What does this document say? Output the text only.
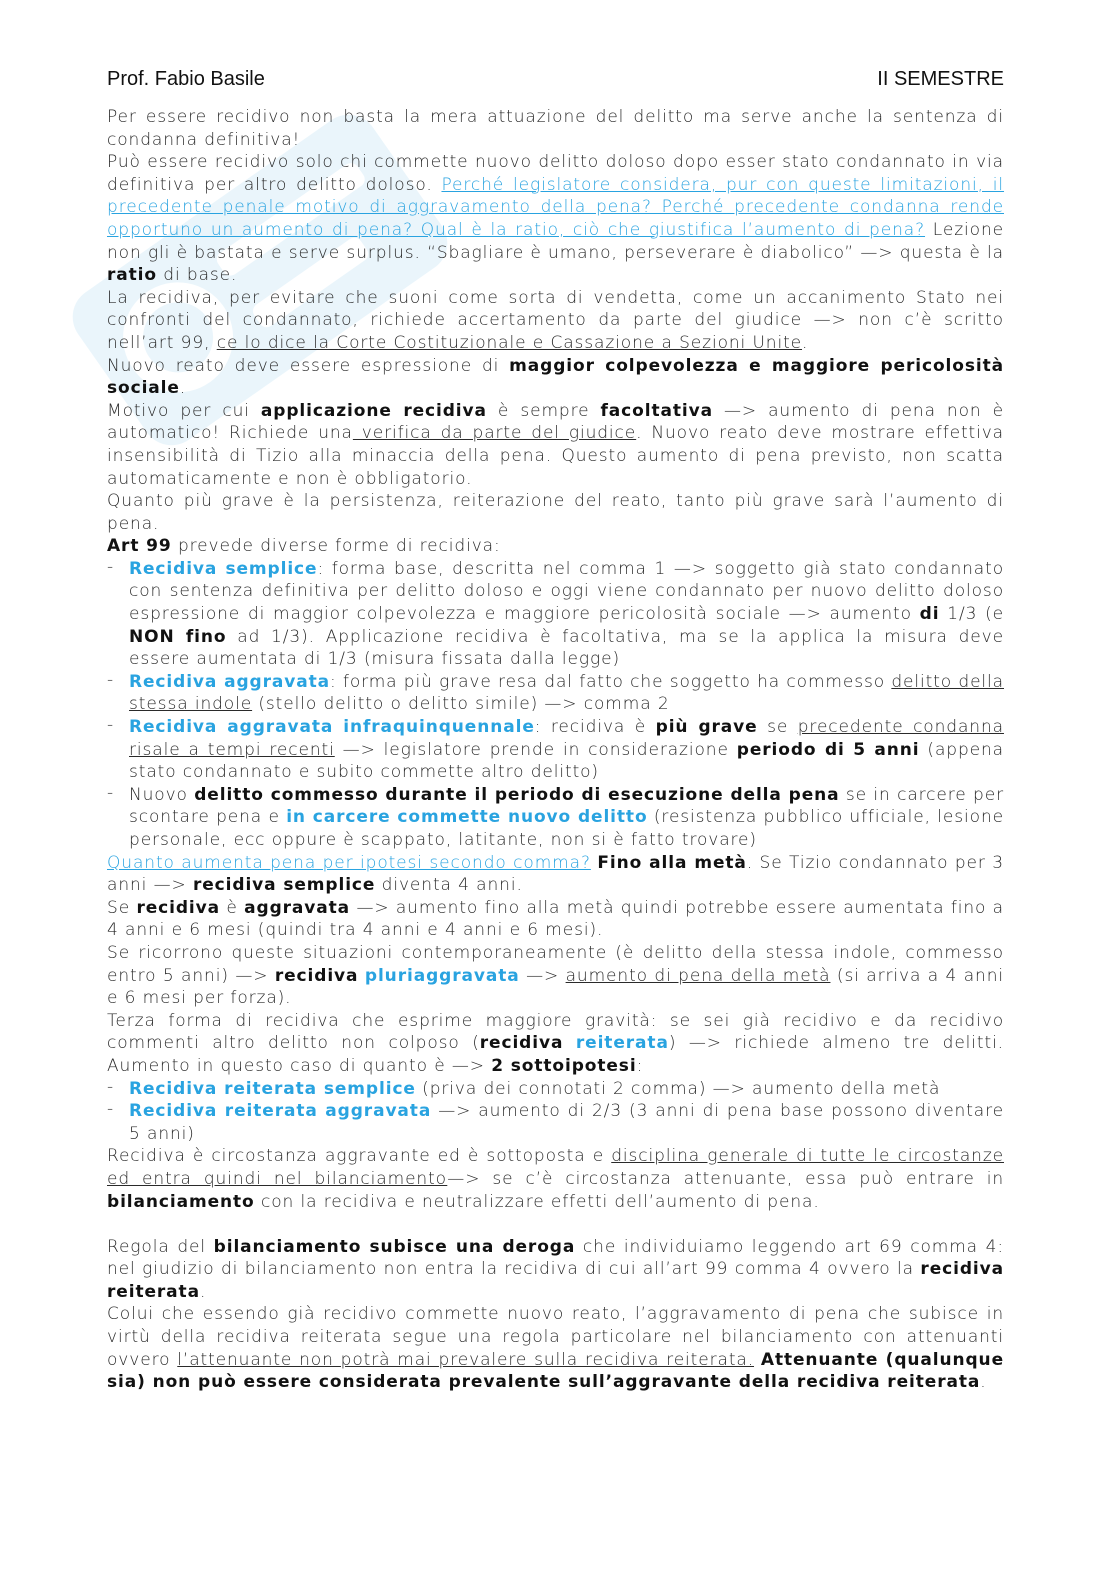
Prof. Fabio Basile	II SEMESTRE

Per essere recidivo non basta la mera attuazione del delitto ma serve anche la sentenza di condanna definitiva!

Può essere recidivo solo chi commette nuovo delitto doloso dopo esser stato condannato in via definitiva per altro delitto doloso. Perché legislatore considera, pur con queste limitazioni, il precedente penale motivo di aggravamento della pena? Perché precedente condanna rende opportuno un aumento di pena? Qual è la ratio, ciò che giustifica l’aumento di pena? Lezione non gli è bastata e serve surplus. “Sbagliare è umano, perseverare è diabolico” —> questa è la ratio di base.

La recidiva, per evitare che suoni come sorta di vendetta, come un accanimento Stato nei confronti del condannato, richiede accertamento da parte del giudice —> non c’è scritto nell’art 99, ce lo dice la Corte Costituzionale e Cassazione a Sezioni Unite.

Nuovo reato deve essere espressione di maggior colpevolezza e maggiore pericolosità sociale.

Motivo per cui applicazione recidiva è sempre facoltativa —> aumento di pena non è automatico! Richiede una verifica da parte del giudice. Nuovo reato deve mostrare effettiva insensibilità di Tizio alla minaccia della pena. Questo aumento di pena previsto, non scatta automaticamente e non è obbligatorio.

Quanto più grave è la persistenza, reiterazione del reato, tanto più grave sarà l’aumento di pena.

Art 99 prevede diverse forme di recidiva:

- Recidiva semplice: forma base, descritta nel comma 1 —> soggetto già stato condannato con sentenza definitiva per delitto doloso e oggi viene condannato per nuovo delitto doloso espressione di maggior colpevolezza e maggiore pericolosità sociale —> aumento di 1/3 (e NON fino ad 1/3). Applicazione recidiva è facoltativa, ma se la applica la misura deve essere aumentata di 1/3 (misura fissata dalla legge)
- Recidiva aggravata: forma più grave resa dal fatto che soggetto ha commesso delitto della stessa indole (stello delitto o delitto simile) —> comma 2
- Recidiva aggravata infraquinquennale: recidiva è più grave se precedente condanna risale a tempi recenti —> legislatore prende in considerazione periodo di 5 anni (appena stato condannato e subito commette altro delitto)
- Nuovo delitto commesso durante il periodo di esecuzione della pena se in carcere per scontare pena e in carcere commette nuovo delitto (resistenza pubblico ufficiale, lesione personale, ecc oppure è scappato, latitante, non si è fatto trovare)

Quanto aumenta pena per ipotesi secondo comma? Fino alla metà. Se Tizio condannato per 3 anni —> recidiva semplice diventa 4 anni.

Se recidiva è aggravata —> aumento fino alla metà quindi potrebbe essere aumentata fino a 4 anni e 6 mesi (quindi tra 4 anni e 4 anni e 6 mesi).

Se ricorrono queste situazioni contemporaneamente (è delitto della stessa indole, commesso entro 5 anni) —> recidiva pluriaggravata —> aumento di pena della metà (si arriva a 4 anni e 6 mesi per forza).

Terza forma di recidiva che esprime maggiore gravità: se sei già recidivo e da recidivo commenti altro delitto non colposo (recidiva reiterata) —> richiede almeno tre delitti. Aumento in questo caso di quanto è —> 2 sottoipotesi:

- Recidiva reiterata semplice (priva dei connotati 2 comma) —> aumento della metà
- Recidiva reiterata aggravata —> aumento di 2/3 (3 anni di pena base possono diventare 5 anni)

Recidiva è circostanza aggravante ed è sottoposta e disciplina generale di tutte le circostanze ed entra quindi nel bilanciamento—> se c’è circostanza attenuante, essa può entrare in bilanciamento con la recidiva e neutralizzare effetti dell’aumento di pena.

Regola del bilanciamento subisce una deroga che individuiamo leggendo art 69 comma 4: nel giudizio di bilanciamento non entra la recidiva di cui all’art 99 comma 4 ovvero la recidiva reiterata.

Colui che essendo già recidivo commette nuovo reato, l’aggravamento di pena che subisce in virtù della recidiva reiterata segue una regola particolare nel bilanciamento con attenuanti ovvero l’attenuante non potrà mai prevalere sulla recidiva reiterata. Attenuante (qualunque sia) non può essere considerata prevalente sull’aggravante della recidiva reiterata.
